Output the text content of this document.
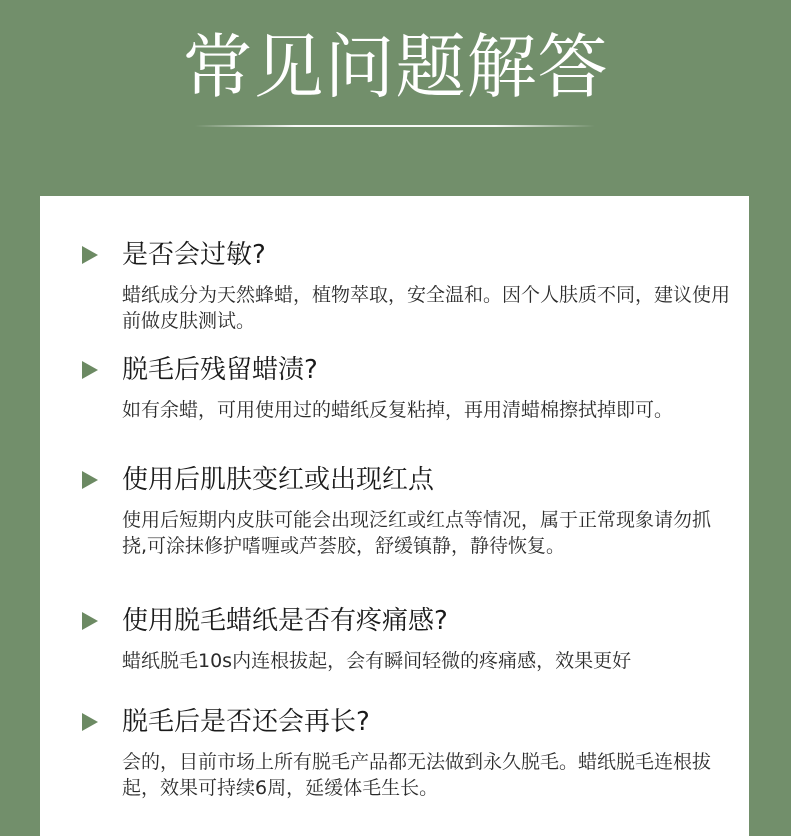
常见问题解答
是否会过敏?
蜡纸成分为天然蜂蜡，植物萃取，安全温和。因个人肤质不同，建议使用前做皮肤测试。
脱毛后残留蜡渍?
如有余蜡，可用使用过的蜡纸反复粘掉，再用清蜡棉擦拭掉即可。
使用后肌肤变红或出现红点
使用后短期内皮肤可能会出现泛红或红点等情况，属于正常现象请勿抓挠,可涂抹修护嗜喱或芦荟胶，舒缓镇静，静待恢复。
使用脱毛蜡纸是否有疼痛感?
蜡纸脱毛10s内连根拔起，会有瞬间轻微的疼痛感，效果更好
脱毛后是否还会再长?
会的，目前市场上所有脱毛产品都无法做到永久脱毛。蜡纸脱毛连根拔起，效果可持续6周，延缓体毛生长。
